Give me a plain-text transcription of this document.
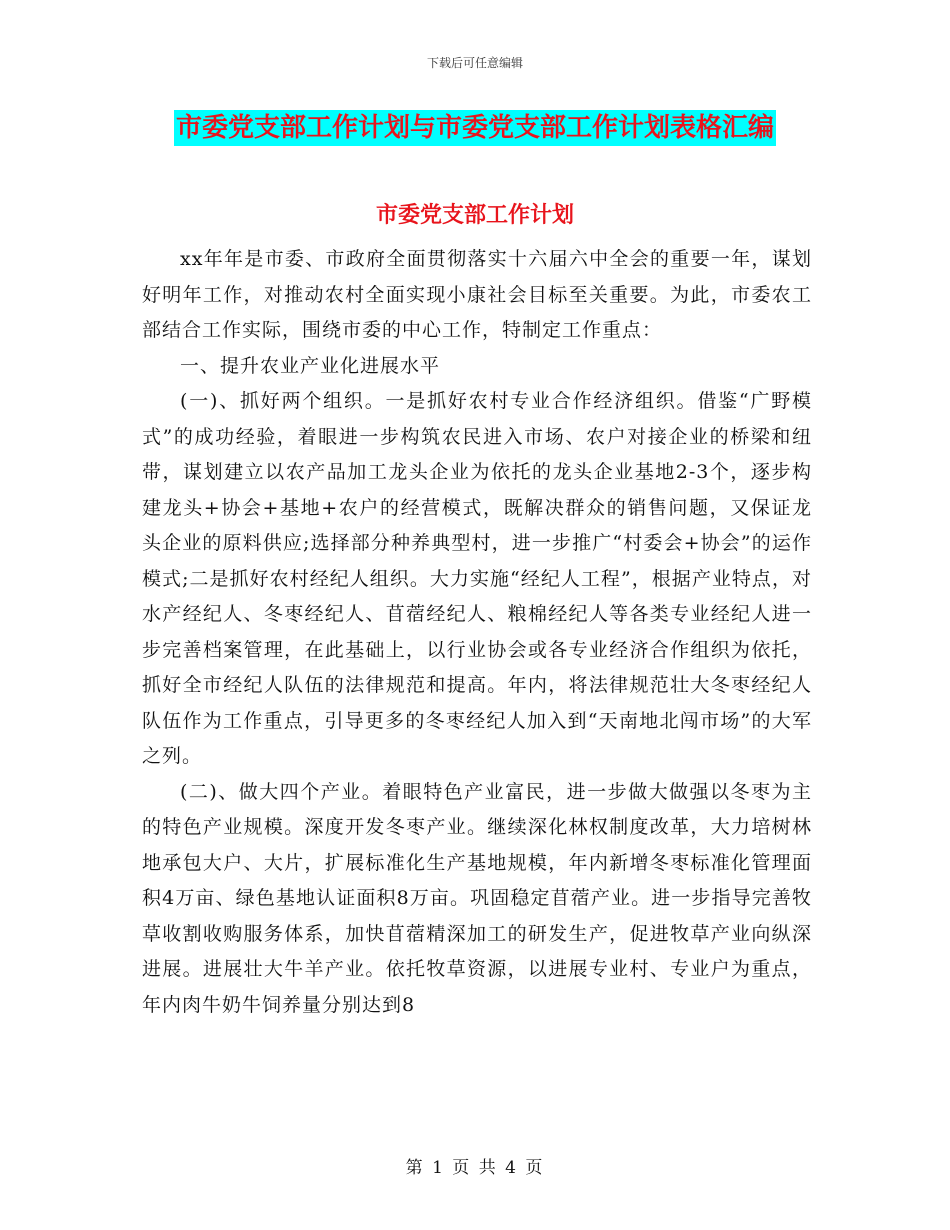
下载后可任意编辑
市委党支部工作计划与市委党支部工作计划表格汇编
市委党支部工作计划

xx年年是市委、市政府全面贯彻落实十六届六中全会的重要一年，谋划好明年工作，对推动农村全面实现小康社会目标至关重要。为此，市委农工部结合工作实际，围绕市委的中心工作，特制定工作重点：

一、提升农业产业化进展水平

(一)、抓好两个组织。一是抓好农村专业合作经济组织。借鉴“广野模式”的成功经验，着眼进一步构筑农民进入市场、农户对接企业的桥梁和纽带，谋划建立以农产品加工龙头企业为依托的龙头企业基地2-3个，逐步构建龙头+协会+基地+农户的经营模式，既解决群众的销售问题，又保证龙头企业的原料供应;选择部分种养典型村，进一步推广“村委会+协会”的运作模式;二是抓好农村经纪人组织。大力实施“经纪人工程”，根据产业特点，对水产经纪人、冬枣经纪人、苜蓿经纪人、粮棉经纪人等各类专业经纪人进一步完善档案管理，在此基础上，以行业协会或各专业经济合作组织为依托，抓好全市经纪人队伍的法律规范和提高。年内，将法律规范壮大冬枣经纪人队伍作为工作重点，引导更多的冬枣经纪人加入到“天南地北闯市场”的大军之列。

(二)、做大四个产业。着眼特色产业富民，进一步做大做强以冬枣为主的特色产业规模。深度开发冬枣产业。继续深化林权制度改革，大力培树林地承包大户、大片，扩展标准化生产基地规模，年内新增冬枣标准化管理面积4万亩、绿色基地认证面积8万亩。巩固稳定苜蓿产业。进一步指导完善牧草收割收购服务体系，加快苜蓿精深加工的研发生产，促进牧草产业向纵深进展。进展壮大牛羊产业。依托牧草资源，以进展专业村、专业户为重点，年内肉牛奶牛饲养量分别达到8

第 1 页 共 4 页
